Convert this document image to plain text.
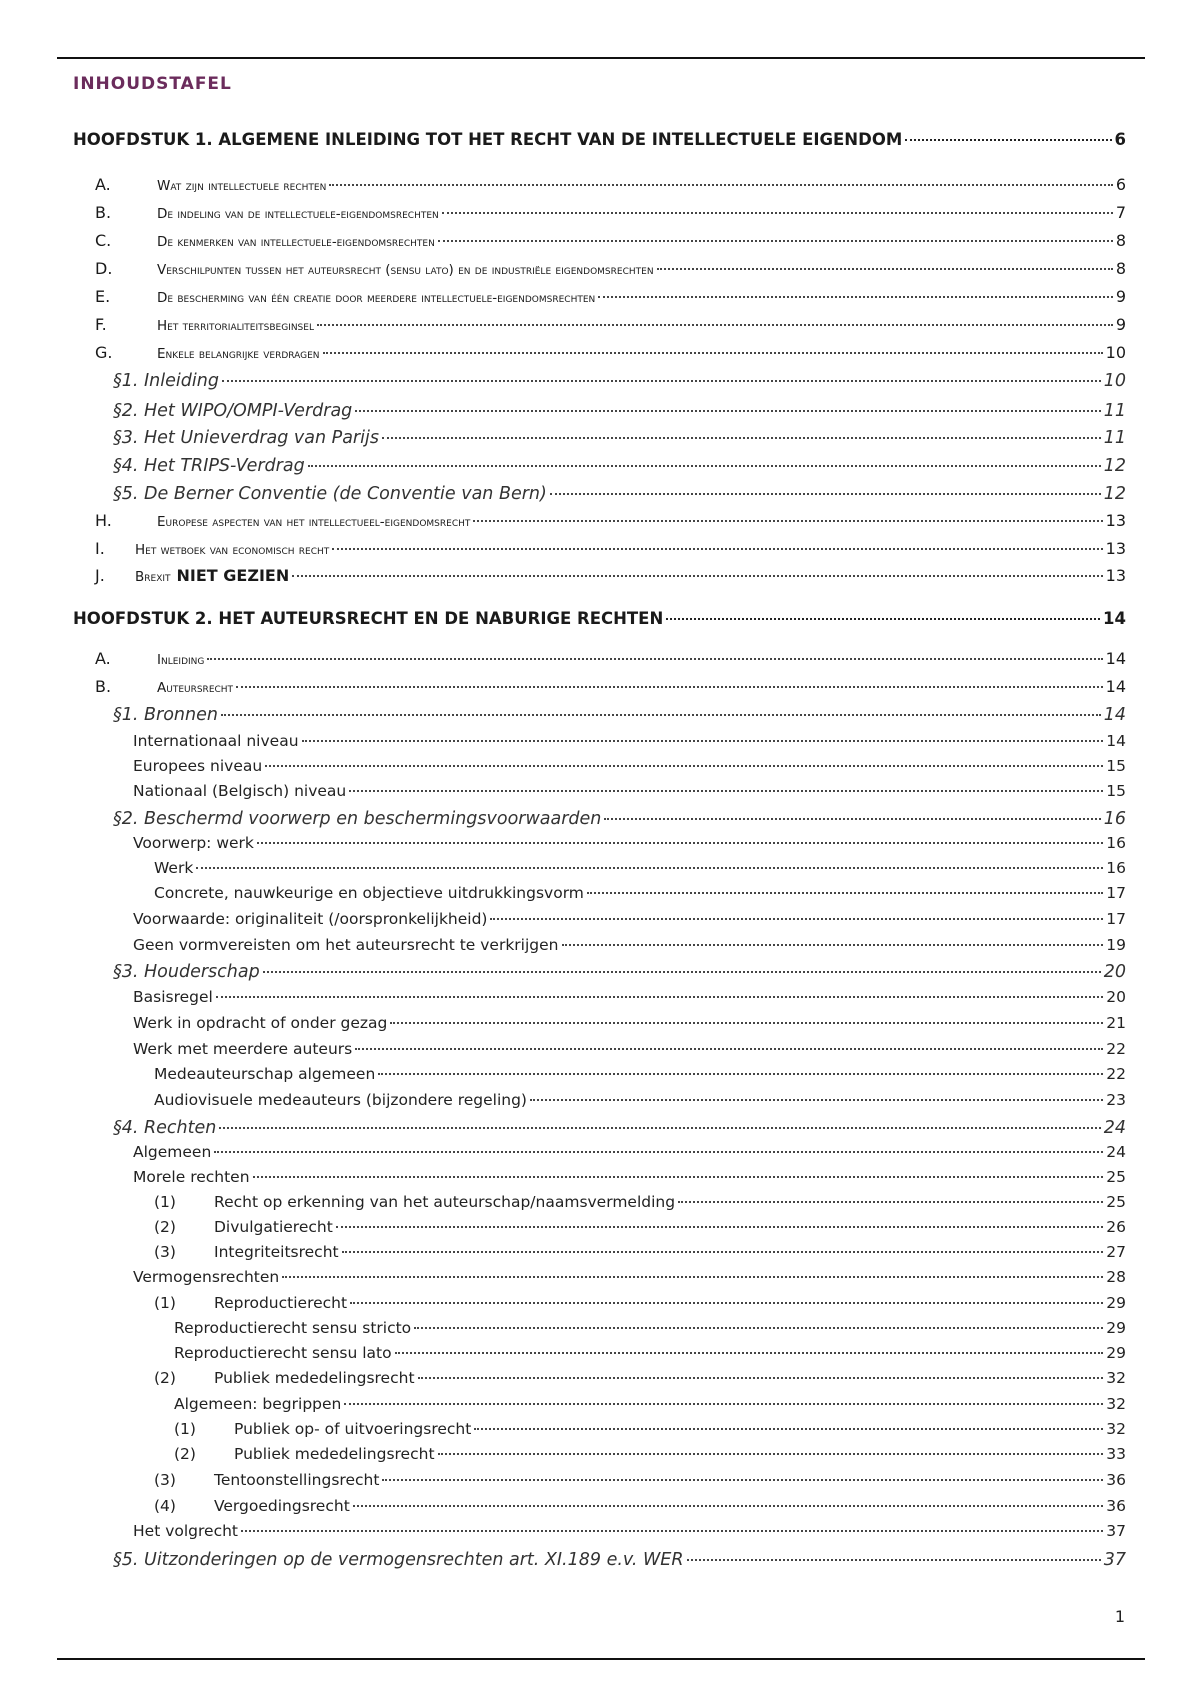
INHOUDSTAFEL
HOOFDSTUK 1. ALGEMENE INLEIDING TOT HET RECHT VAN DE INTELLECTUELE EIGENDOM	6
A.	Wat zijn intellectuele rechten	6
B.	De indeling van de intellectuele-eigendomsrechten	7
C.	De kenmerken van intellectuele-eigendomsrechten	8
D.	Verschilpunten tussen het auteursrecht (sensu lato) en de industriële eigendomsrechten	8
E.	De bescherming van één creatie door meerdere intellectuele-eigendomsrechten	9
F.	Het territorialiteitsbeginsel	9
G.	Enkele belangrijke verdragen	10
§1. Inleiding	10
§2. Het WIPO/OMPI-Verdrag	11
§3. Het Unieverdrag van Parijs	11
§4. Het TRIPS-Verdrag	12
§5. De Berner Conventie (de Conventie van Bern)	12
H.	Europese aspecten van het intellectueel-eigendomsrecht	13
I.	Het wetboek van economisch recht	13
J.	Brexit NIET GEZIEN	13
HOOFDSTUK 2. HET AUTEURSRECHT EN DE NABURIGE RECHTEN	14
A.	Inleiding	14
B.	Auteursrecht	14
§1. Bronnen	14
Internationaal niveau	14
Europees niveau	15
Nationaal (Belgisch) niveau	15
§2. Beschermd voorwerp en beschermingsvoorwaarden	16
Voorwerp: werk	16
Werk	16
Concrete, nauwkeurige en objectieve uitdrukkingsvorm	17
Voorwaarde: originaliteit (/oorspronkelijkheid)	17
Geen vormvereisten om het auteursrecht te verkrijgen	19
§3. Houderschap	20
Basisregel	20
Werk in opdracht of onder gezag	21
Werk met meerdere auteurs	22
Medeauteurschap algemeen	22
Audiovisuele medeauteurs (bijzondere regeling)	23
§4. Rechten	24
Algemeen	24
Morele rechten	25
(1)	Recht op erkenning van het auteurschap/naamsvermelding	25
(2)	Divulgatierecht	26
(3)	Integriteitsrecht	27
Vermogensrechten	28
(1)	Reproductierecht	29
Reproductierecht sensu stricto	29
Reproductierecht sensu lato	29
(2)	Publiek mededelingsrecht	32
Algemeen: begrippen	32
(1)	Publiek op- of uitvoeringsrecht	32
(2)	Publiek mededelingsrecht	33
(3)	Tentoonstellingsrecht	36
(4)	Vergoedingsrecht	36
Het volgrecht	37
§5. Uitzonderingen op de vermogensrechten art. XI.189 e.v. WER	37
1
